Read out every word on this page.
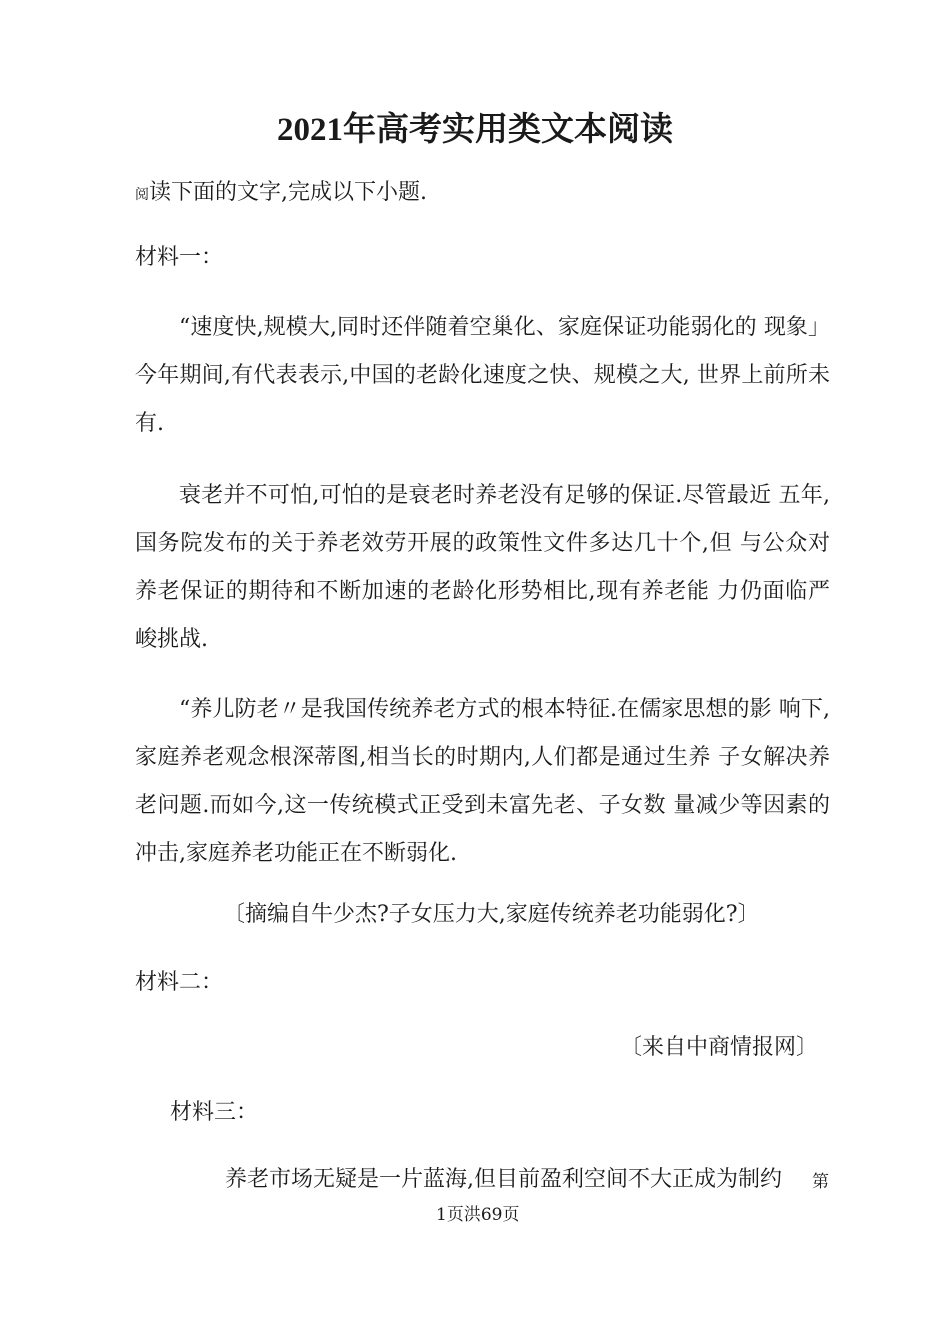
2021年高考实用类文本阅读
阅读下面的文字,完成以下小题.
材料一：
“速度快,规模大,同时还伴随着空巢化、家庭保证功能弱化的 现象」今年期间,有代表表示,中国的老龄化速度之快、规模之大, 世界上前所未有.
衰老并不可怕,可怕的是衰老时养老没有足够的保证.尽管最近 五年,国务院发布的关于养老效劳开展的政策性文件多达几十个,但 与公众对养老保证的期待和不断加速的老龄化形势相比,现有养老能 力仍面临严峻挑战.
“养儿防老〃是我国传统养老方式的根本特征.在儒家思想的影 响下,家庭养老观念根深蒂图,相当长的时期内,人们都是通过生养 子女解决养老问题.而如今,这一传统模式正受到未富先老、子女数 量减少等因素的冲击,家庭养老功能正在不断弱化.
〔摘编自牛少杰?子女压力大,家庭传统养老功能弱化?〕
材料二：
〔来自中商情报网〕
材料三：
养老市场无疑是一片蓝海,但目前盈利空间不大正成为制约 第
1页洪69页
